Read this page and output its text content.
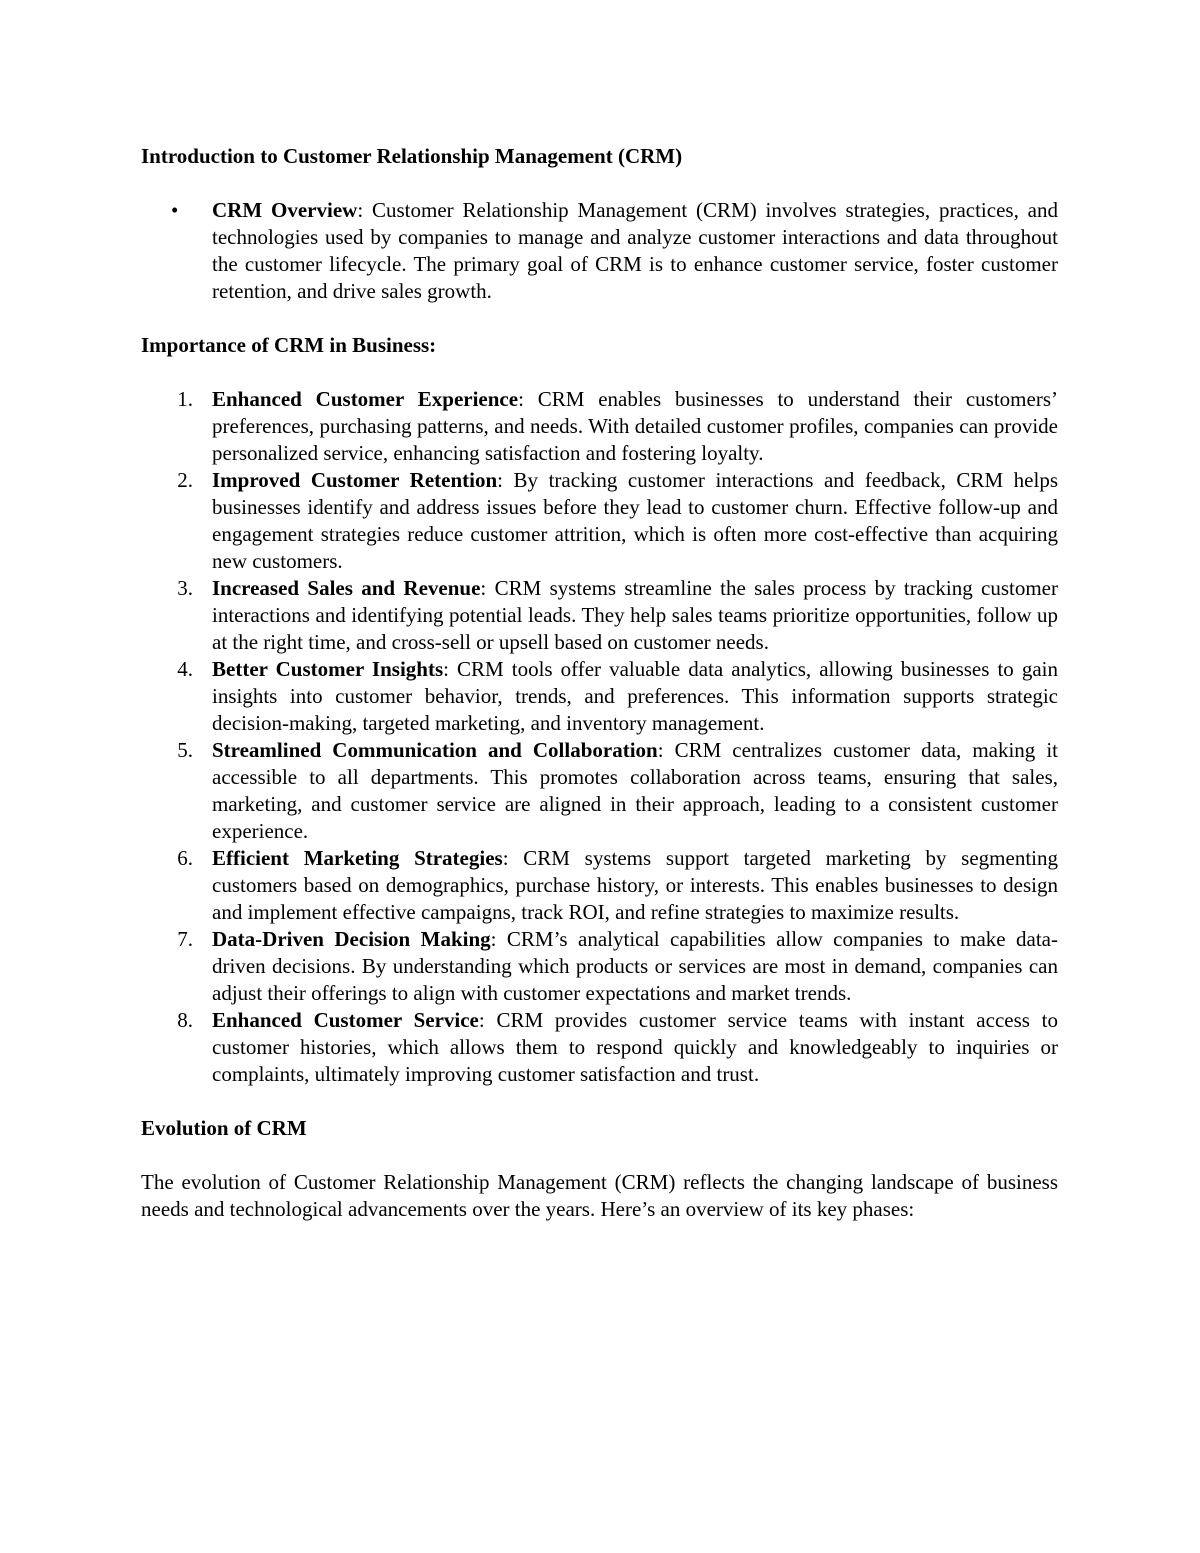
Introduction to Customer Relationship Management (CRM)

• CRM Overview: Customer Relationship Management (CRM) involves strategies, practices, and technologies used by companies to manage and analyze customer interactions and data throughout the customer lifecycle. The primary goal of CRM is to enhance customer service, foster customer retention, and drive sales growth.

Importance of CRM in Business:

1. Enhanced Customer Experience: CRM enables businesses to understand their customers’ preferences, purchasing patterns, and needs. With detailed customer profiles, companies can provide personalized service, enhancing satisfaction and fostering loyalty.
2. Improved Customer Retention: By tracking customer interactions and feedback, CRM helps businesses identify and address issues before they lead to customer churn. Effective follow-up and engagement strategies reduce customer attrition, which is often more cost-effective than acquiring new customers.
3. Increased Sales and Revenue: CRM systems streamline the sales process by tracking customer interactions and identifying potential leads. They help sales teams prioritize opportunities, follow up at the right time, and cross-sell or upsell based on customer needs.
4. Better Customer Insights: CRM tools offer valuable data analytics, allowing businesses to gain insights into customer behavior, trends, and preferences. This information supports strategic decision-making, targeted marketing, and inventory management.
5. Streamlined Communication and Collaboration: CRM centralizes customer data, making it accessible to all departments. This promotes collaboration across teams, ensuring that sales, marketing, and customer service are aligned in their approach, leading to a consistent customer experience.
6. Efficient Marketing Strategies: CRM systems support targeted marketing by segmenting customers based on demographics, purchase history, or interests. This enables businesses to design and implement effective campaigns, track ROI, and refine strategies to maximize results.
7. Data-Driven Decision Making: CRM’s analytical capabilities allow companies to make data-driven decisions. By understanding which products or services are most in demand, companies can adjust their offerings to align with customer expectations and market trends.
8. Enhanced Customer Service: CRM provides customer service teams with instant access to customer histories, which allows them to respond quickly and knowledgeably to inquiries or complaints, ultimately improving customer satisfaction and trust.

Evolution of CRM

The evolution of Customer Relationship Management (CRM) reflects the changing landscape of business needs and technological advancements over the years. Here’s an overview of its key phases:
